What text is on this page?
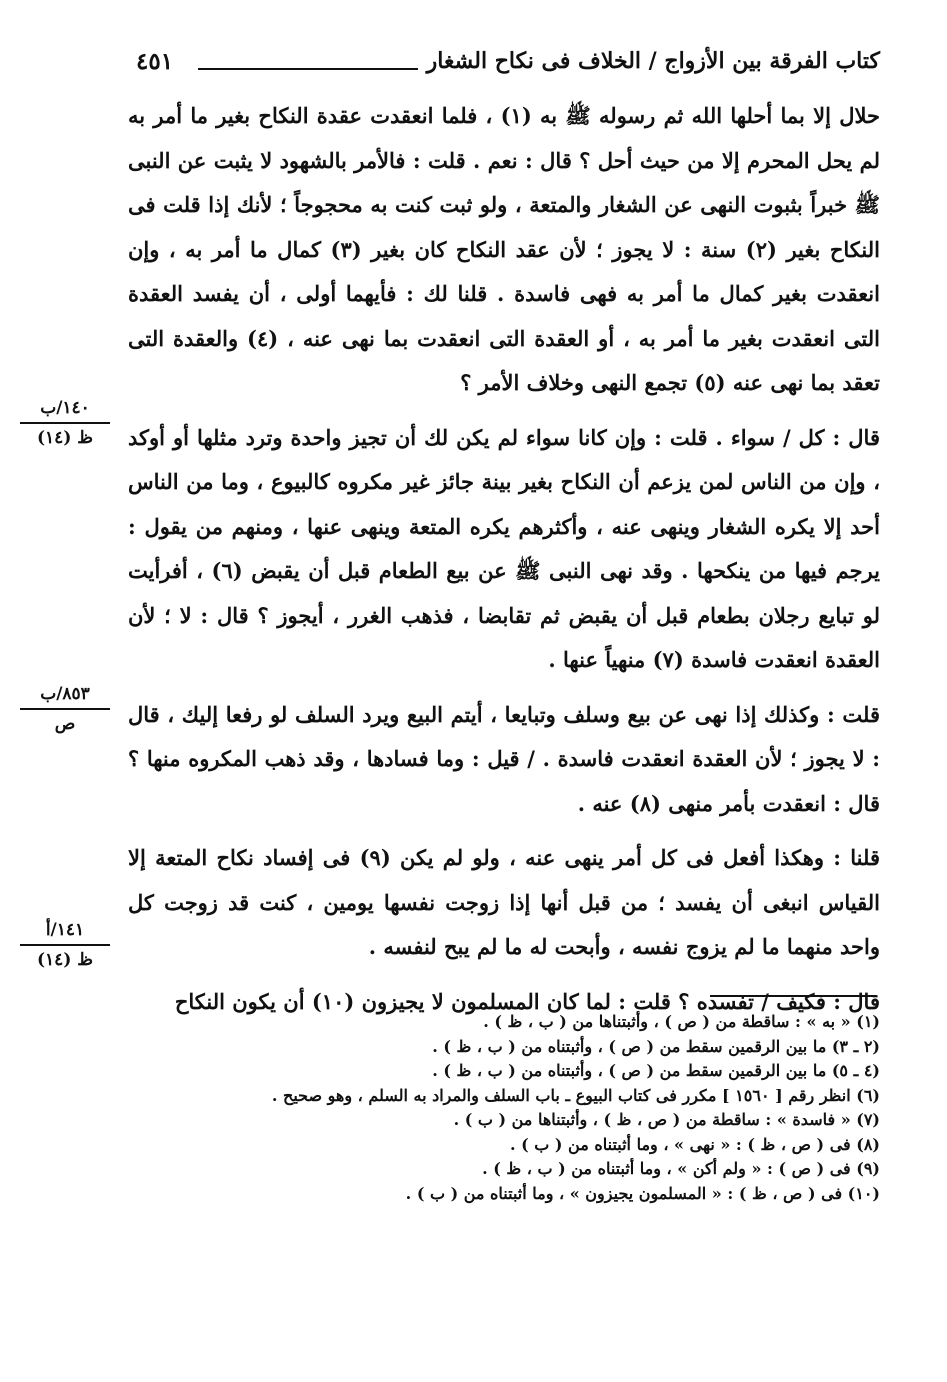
كتاب الفرقة بين الأزواج / الخلاف فى نكاح الشغار
٤٥١

حلال إلا بما أحلها الله ثم رسوله ﷺ به (١) ، فلما انعقدت عقدة النكاح بغير ما أمر به لم يحل المحرم إلا من حيث أحل ؟ قال : نعم . قلت : فالأمر بالشهود لا يثبت عن النبى ﷺ خبراً بثبوت النهى عن الشغار والمتعة ، ولو ثبت كنت به محجوجاً ؛ لأنك إذا قلت فى النكاح بغير (٢) سنة : لا يجوز ؛ لأن عقد النكاح كان بغير (٣) كمال ما أمر به ، وإن انعقدت بغير كمال ما أمر به فهى فاسدة . قلنا لك : فأيهما أولى ، أن يفسد العقدة التى انعقدت بغير ما أمر به ، أو العقدة التى انعقدت بما نهى عنه ، (٤) والعقدة التى تعقد بما نهى عنه (٥) تجمع النهى وخلاف الأمر ؟

قال : كل / سواء . قلت : وإن كانا سواء لم يكن لك أن تجيز واحدة وترد مثلها أو أوكد ، وإن من الناس لمن يزعم أن النكاح بغير بينة جائز غير مكروه كالبيوع ، وما من الناس أحد إلا يكره الشغار وينهى عنه ، وأكثرهم يكره المتعة وينهى عنها ، ومنهم من يقول : يرجم فيها من ينكحها . وقد نهى النبى ﷺ عن بيع الطعام قبل أن يقبض (٦) ، أفرأيت لو تبايع رجلان بطعام قبل أن يقبض ثم تقابضا ، فذهب الغرر ، أيجوز ؟ قال : لا ؛ لأن العقدة انعقدت فاسدة (٧) منهياً عنها .

قلت : وكذلك إذا نهى عن بيع وسلف وتبايعا ، أيتم البيع ويرد السلف لو رفعا إليك ، قال : لا يجوز ؛ لأن العقدة انعقدت فاسدة . / قيل : وما فسادها ، وقد ذهب المكروه منها ؟ قال : انعقدت بأمر منهى (٨) عنه .

قلنا : وهكذا أفعل فى كل أمر ينهى عنه ، ولو لم يكن (٩) فى إفساد نكاح المتعة إلا القياس انبغى أن يفسد ؛ من قبل أنها إذا زوجت نفسها يومين ، كنت قد زوجت كل واحد منهما ما لم يزوج نفسه ، وأبحت له ما لم يبح لنفسه .

قال : فكيف / تفسده ؟ قلت : لما كان المسلمون لا يجيزون (١٠) أن يكون النكاح

١٤٠/ب
ظ (١٤)
٨٥٣/ب
ص
١٤١/أ
ظ (١٤)
(١) « به » : ساقطة من ( ص ) ، وأثبتناها من ( ب ، ظ ) .
(٢ ـ ٣) ما بين الرقمين سقط من ( ص ) ، وأثبتناه من ( ب ، ظ ) .
(٤ ـ ٥) ما بين الرقمين سقط من ( ص ) ، وأثبتناه من ( ب ، ظ ) .
(٦) انظر رقم [ ١٥٦٠ ] مكرر فى كتاب البيوع ـ باب السلف والمراد به السلم ، وهو صحيح .
(٧) « فاسدة » : ساقطة من ( ص ، ظ ) ، وأثبتناها من ( ب ) .
(٨) فى ( ص ، ظ ) : « نهى » ، وما أثبتناه من ( ب ) .
(٩) فى ( ص ) : « ولم أكن » ، وما أثبتناه من ( ب ، ظ ) .
(١٠) فى ( ص ، ظ ) : « المسلمون يجيزون » ، وما أثبتناه من ( ب ) .
